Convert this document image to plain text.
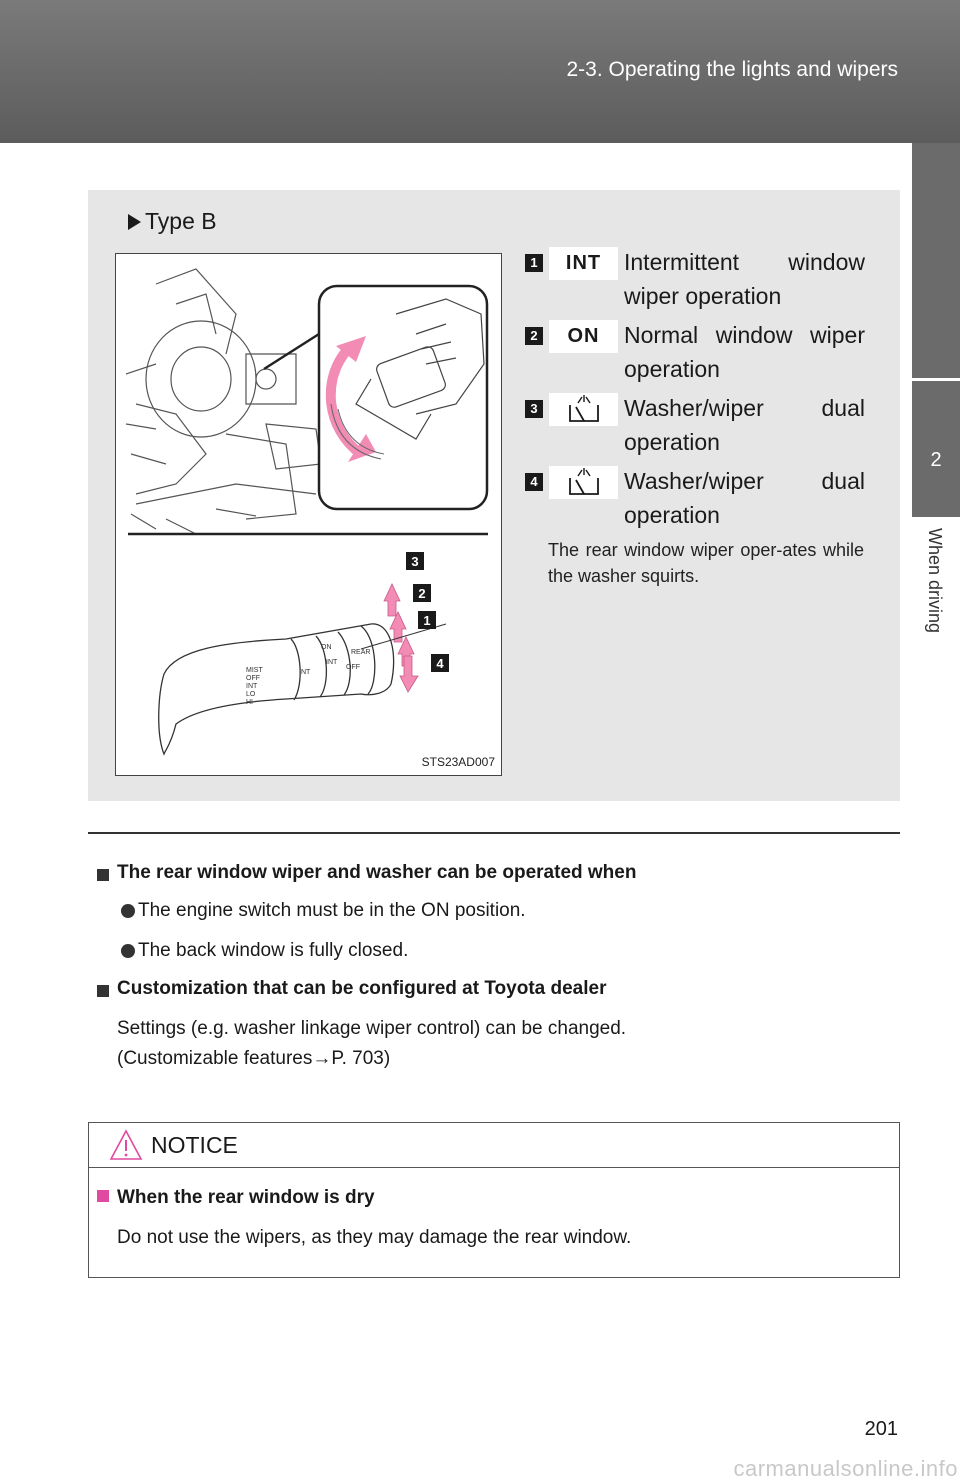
2-3. Operating the lights and wipers
2
When driving
Type B
MIST
OFF
INT
LO
HI
INT
INT
ON
OFF
REAR
3
2
1
4
STS23AD007
1	INT Intermittent window wiper operation
2	ON	Normal window wiper operation
3	Washer/wiper dual operation
4	Washer/wiper dual operation
The rear window wiper oper-ates while the washer squirts.
The rear window wiper and washer can be operated when
The engine switch must be in the ON position.
The back window is fully closed.
Customization that can be configured at Toyota dealer
Settings (e.g. washer linkage wiper control) can be changed.
(Customizable features→P. 703)
NOTICE
When the rear window is dry
Do not use the wipers, as they may damage the rear window.
201
carmanualsonline.info
